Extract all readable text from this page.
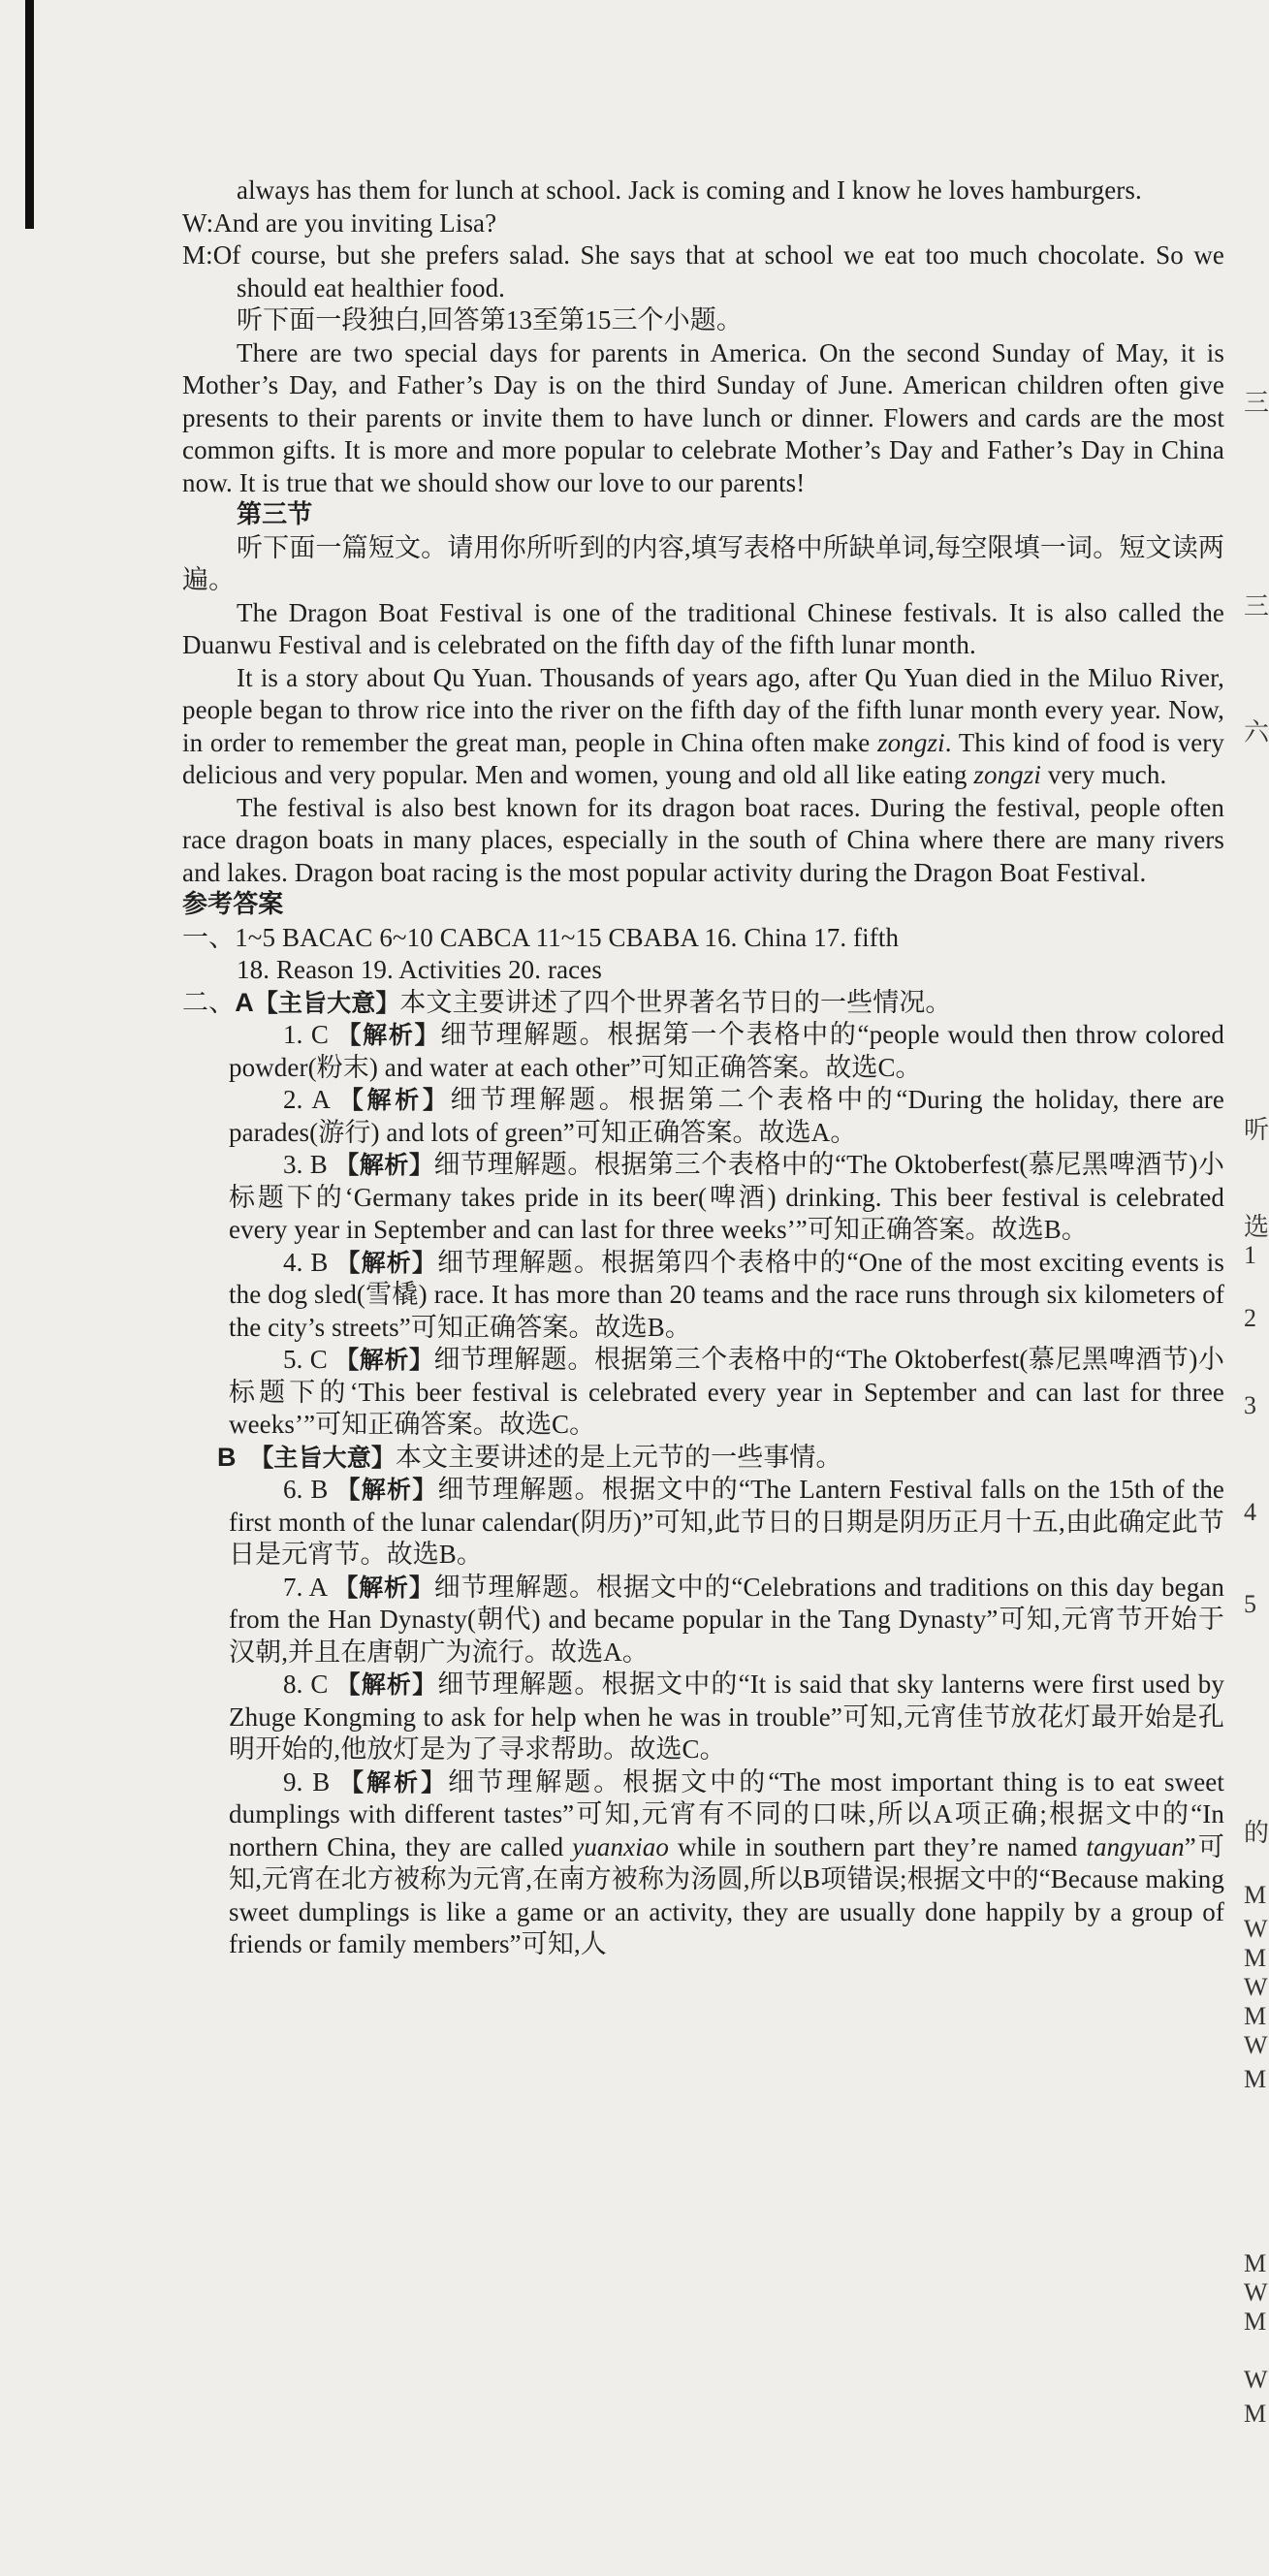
always has them for lunch at school. Jack is coming and I know he loves hamburgers.

W:And are you inviting Lisa?

M:Of course, but she prefers salad. She says that at school we eat too much chocolate. So we should eat healthier food.

听下面一段独白,回答第13至第15三个小题。

There are two special days for parents in America. On the second Sunday of May, it is Mother’s Day, and Father’s Day is on the third Sunday of June. American children often give presents to their parents or invite them to have lunch or dinner. Flowers and cards are the most common gifts. It is more and more popular to celebrate Mother’s Day and Father’s Day in China now. It is true that we should show our love to our parents!

第三节

听下面一篇短文。请用你所听到的内容,填写表格中所缺单词,每空限填一词。短文读两遍。

The Dragon Boat Festival is one of the traditional Chinese festivals. It is also called the Duanwu Festival and is celebrated on the fifth day of the fifth lunar month.

It is a story about Qu Yuan. Thousands of years ago, after Qu Yuan died in the Miluo River, people began to throw rice into the river on the fifth day of the fifth lunar month every year. Now, in order to remember the great man, people in China often make zongzi. This kind of food is very delicious and very popular. Men and women, young and old all like eating zongzi very much.

The festival is also best known for its dragon boat races. During the festival, people often race dragon boats in many places, especially in the south of China where there are many rivers and lakes. Dragon boat racing is the most popular activity during the Dragon Boat Festival.

参考答案

一、1~5 BACAC 6~10 CABCA 11~15 CBABA 16. China 17. fifth

18. Reason 19. Activities 20. races

二、A【主旨大意】本文主要讲述了四个世界著名节日的一些情况。

1. C 【解析】细节理解题。根据第一个表格中的“people would then throw colored powder(粉末) and water at each other”可知正确答案。故选C。

2. A 【解析】细节理解题。根据第二个表格中的“During the holiday, there are parades(游行) and lots of green”可知正确答案。故选A。

3. B 【解析】细节理解题。根据第三个表格中的“The Oktoberfest(慕尼黑啤酒节)小标题下的‘Germany takes pride in its beer(啤酒) drinking. This beer festival is celebrated every year in September and can last for three weeks’”可知正确答案。故选B。

4. B 【解析】细节理解题。根据第四个表格中的“One of the most exciting events is the dog sled(雪橇) race. It has more than 20 teams and the race runs through six kilometers of the city’s streets”可知正确答案。故选B。

5. C 【解析】细节理解题。根据第三个表格中的“The Oktoberfest(慕尼黑啤酒节)小标题下的‘This beer festival is celebrated every year in September and can last for three weeks’”可知正确答案。故选C。

B 【主旨大意】本文主要讲述的是上元节的一些事情。

6. B 【解析】细节理解题。根据文中的“The Lantern Festival falls on the 15th of the first month of the lunar calendar(阴历)”可知,此节日的日期是阴历正月十五,由此确定此节日是元宵节。故选B。

7. A 【解析】细节理解题。根据文中的“Celebrations and traditions on this day began from the Han Dynasty(朝代) and became popular in the Tang Dynasty”可知,元宵节开始于汉朝,并且在唐朝广为流行。故选A。

8. C 【解析】细节理解题。根据文中的“It is said that sky lanterns were first used by Zhuge Kongming to ask for help when he was in trouble”可知,元宵佳节放花灯最开始是孔明开始的,他放灯是为了寻求帮助。故选C。

9. B 【解析】细节理解题。根据文中的“The most important thing is to eat sweet dumplings with different tastes”可知,元宵有不同的口味,所以A项正确;根据文中的“In northern China, they are called yuanxiao while in southern part they’re named tangyuan”可知,元宵在北方被称为元宵,在南方被称为汤圆,所以B项错误;根据文中的“Because making sweet dumplings is like a game or an activity, they are usually done happily by a group of friends or family members”可知,人

三
三
六
听
选
1
2
3
4
5
的
M
W
M
W
M
W
M
M
W
M
W
M
